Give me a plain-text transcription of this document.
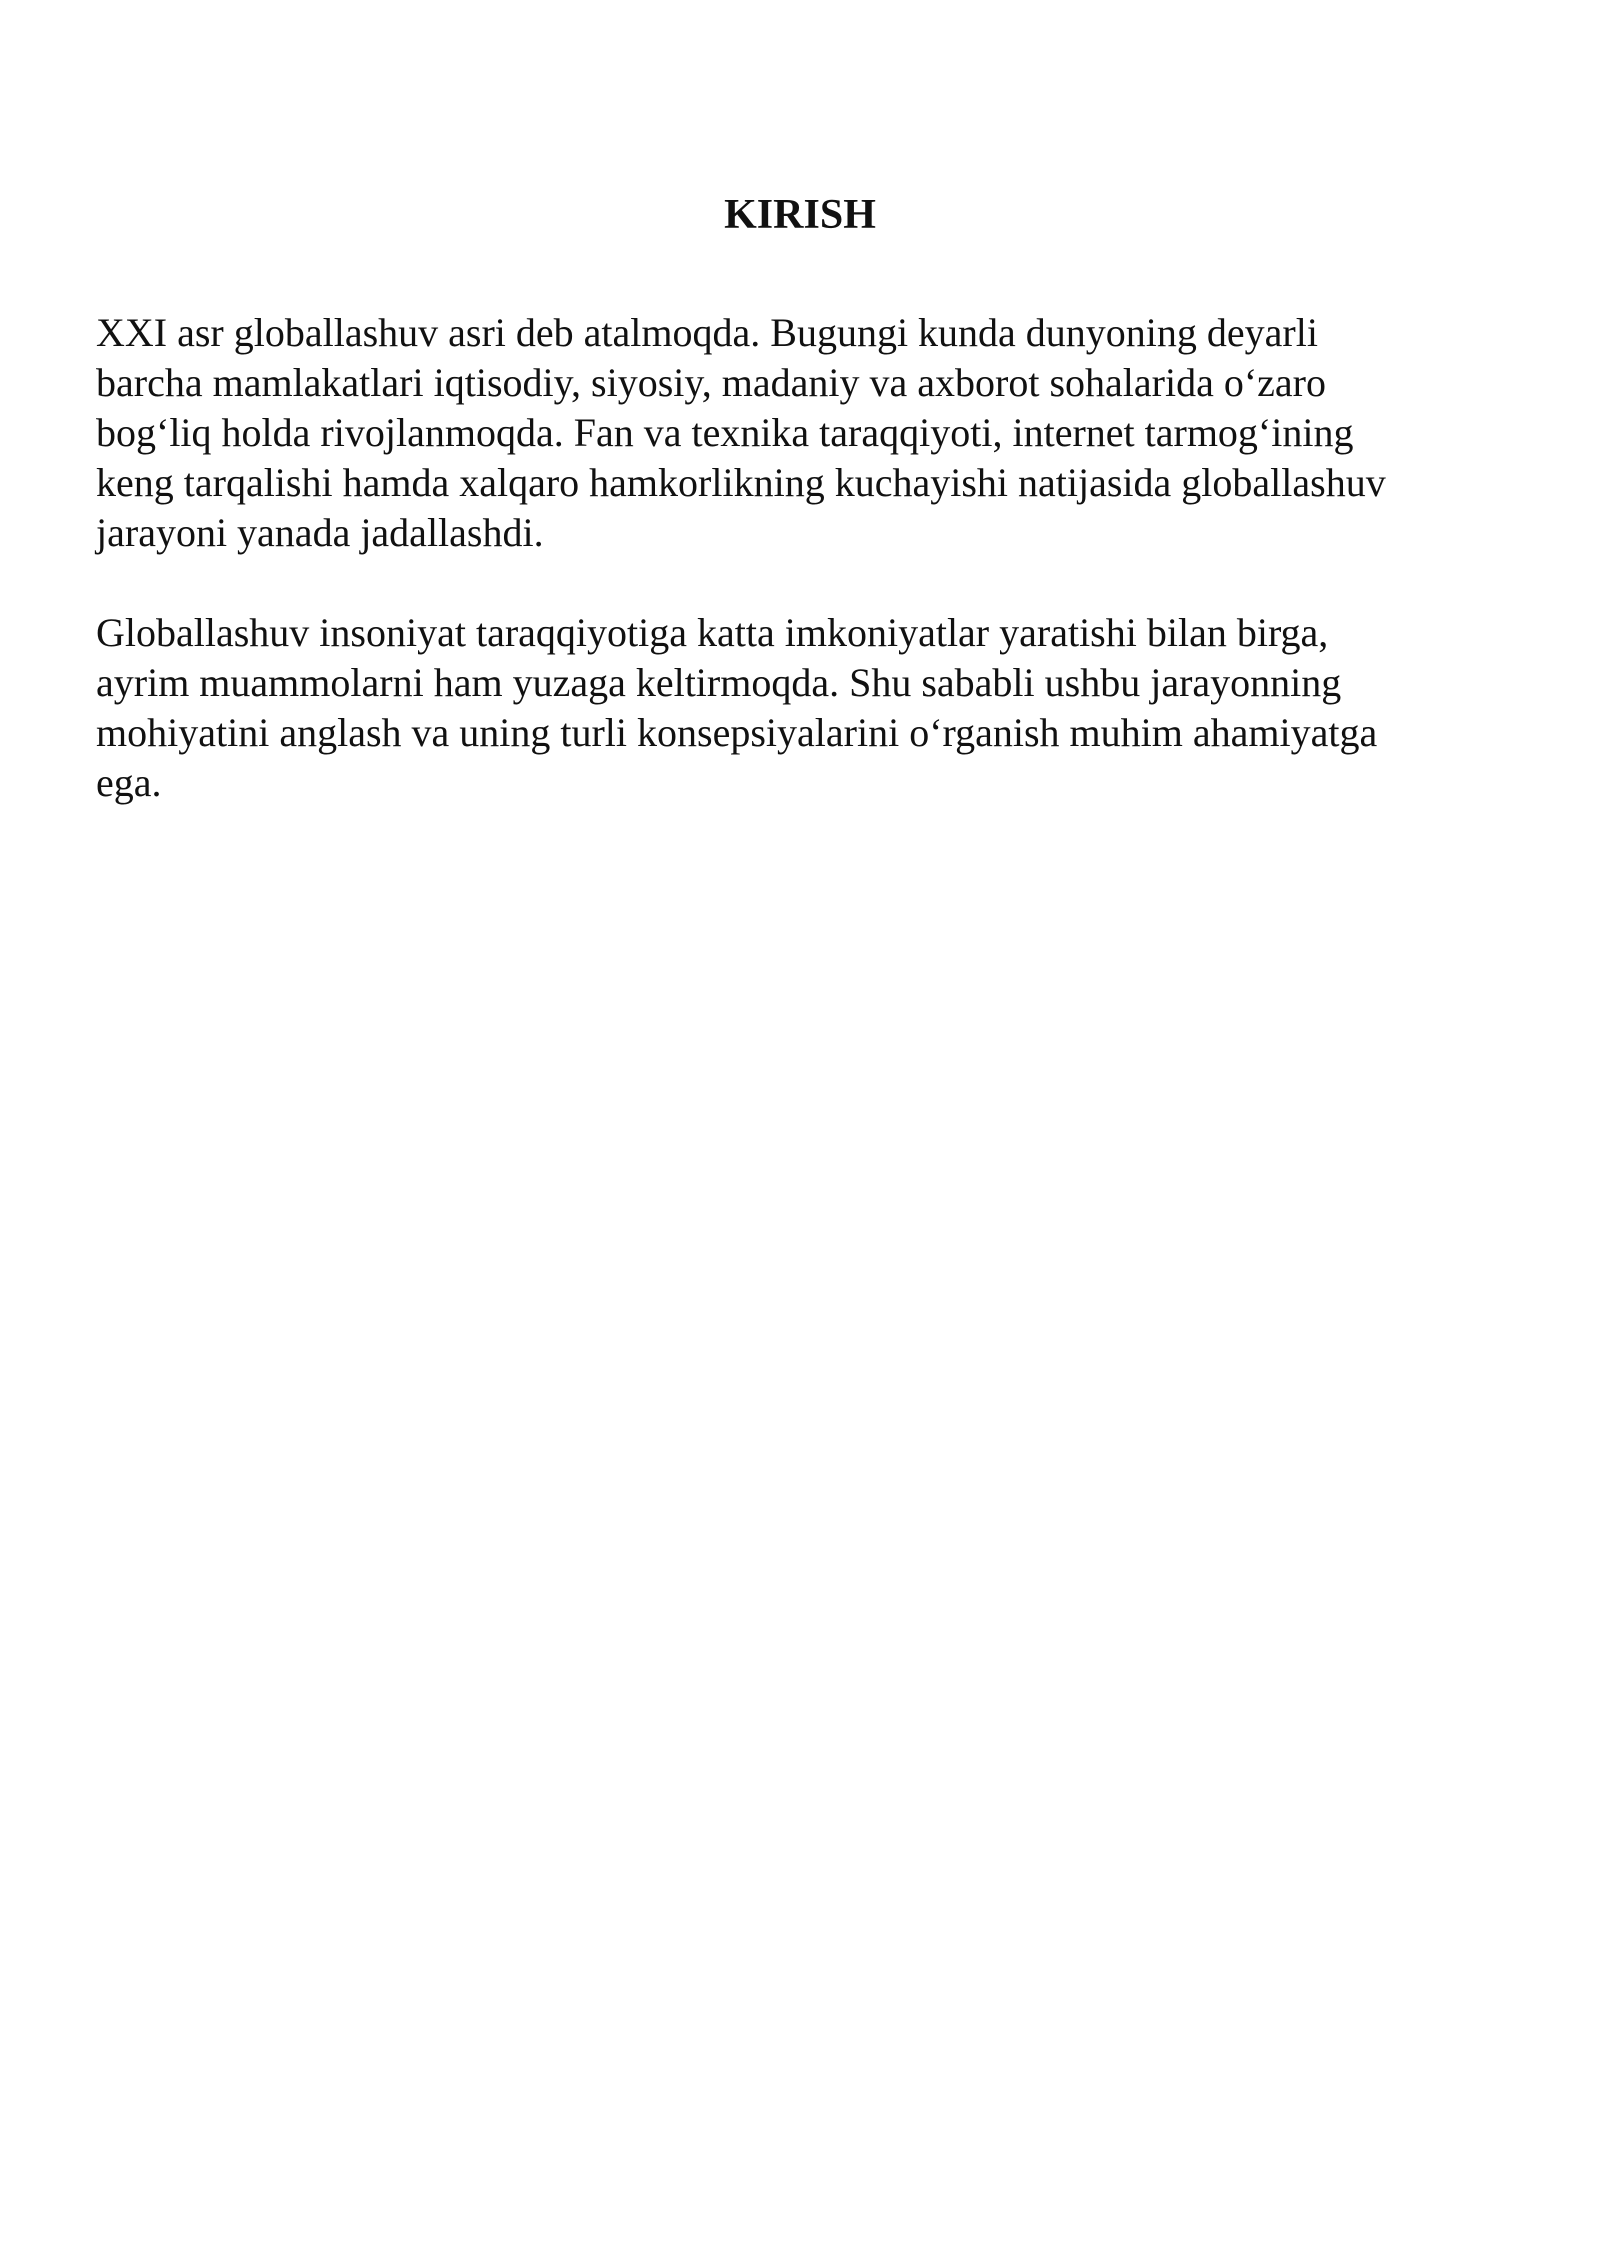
KIRISH

XXI asr globallashuv asri deb atalmoqda. Bugungi kunda dunyoning deyarli
barcha mamlakatlari iqtisodiy, siyosiy, madaniy va axborot sohalarida o‘zaro
bog‘liq holda rivojlanmoqda. Fan va texnika taraqqiyoti, internet tarmog‘ining
keng tarqalishi hamda xalqaro hamkorlikning kuchayishi natijasida globallashuv
jarayoni yanada jadallashdi.

Globallashuv insoniyat taraqqiyotiga katta imkoniyatlar yaratishi bilan birga,
ayrim muammolarni ham yuzaga keltirmoqda. Shu sababli ushbu jarayonning
mohiyatini anglash va uning turli konsepsiyalarini o‘rganish muhim ahamiyatga
ega.
